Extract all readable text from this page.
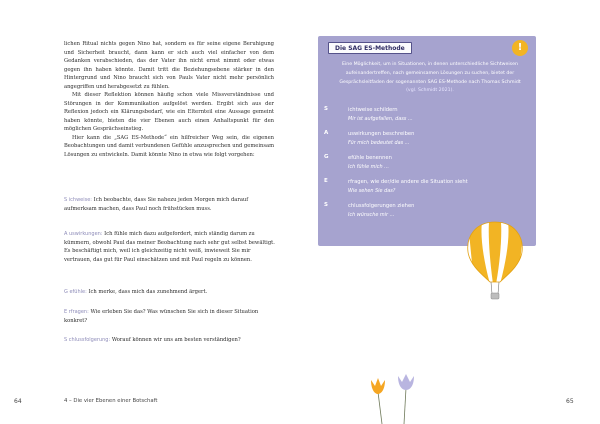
lichen Ritual nichts gegen Nino hat, sondern es für seine eigene Beruhigung und Sicherheit braucht, dann kann er sich auch viel einfacher von dem Gedanken verabschieden, das der Vater ihn nicht ernst nimmt oder etwas gegen ihn haben könnte. Damit tritt die Beziehungsebene stärker in den Hintergrund und Nino braucht sich von Pauls Vater nicht mehr persönlich angegriffen und herabgesetzt zu fühlen.

Mit dieser Reflektion können häufig schon viele Missverständnisse und Störungen in der Kommunikation aufgelöst werden. Ergibt sich aus der Reflexion jedoch ein Klärungsbedarf, wie ein Elternteil eine Aussage gemeint haben könnte, bieten die vier Ebenen auch einen Anhaltspunkt für den möglichen Gesprächseinstieg.

Hier kann die „SAG ES-Methode“ ein hilfreicher Weg sein, die eigenen Beobachtungen und damit verbundenen Gefühle anzusprechen und gemeinsam Lösungen zu entwickeln. Damit könnte Nino in etwa wie folgt vorgehen:

S ichweise: Ich beobachte, dass Sie nahezu jeden Morgen mich darauf aufmerksam machen, dass Paul noch frühstücken muss.
A uswirkungen: Ich fühle mich dazu aufgefordert, mich ständig darum zu kümmern, obwohl Paul das meiner Beobachtung nach sehr gut selbst bewältigt. Es beschäftigt mich, weil ich gleichzeitig nicht weiß, inwieweit Sie mir vertrauen, das gut für Paul einschätzen und mit Paul regeln zu können.
G efühle: Ich merke, dass mich das zunehmend ärgert.
E rfragen: Wie erleben Sie das? Was wünschen Sie sich in dieser Situation konkret?
S chlussfolgerung: Worauf können wir uns am besten verständigen?
64	4 – Die vier Ebenen einer Botschaft
Die SAG ES-Methode	!
Eine Möglichkeit, um in Situationen, in denen unterschiedliche Sichtweisen aufeinandertreffen, nach gemeinsamen Lösungen zu suchen, bietet der Gesprächsleitfaden der sogenannten SAG ES-Methode nach Thomas Schmidt (vgl. Schmidt 2021).
S	ichtweise schildern
Mir ist aufgefallen, dass …
A	uswirkungen beschreiben
Für mich bedeutet das …
G	efühle benennen
Ich fühle mich …
E	rfragen, wie der/die andere die Situation sieht
Wie sehen Sie das?
S	chlussfolgerungen ziehen
Ich wünsche mir …
65
